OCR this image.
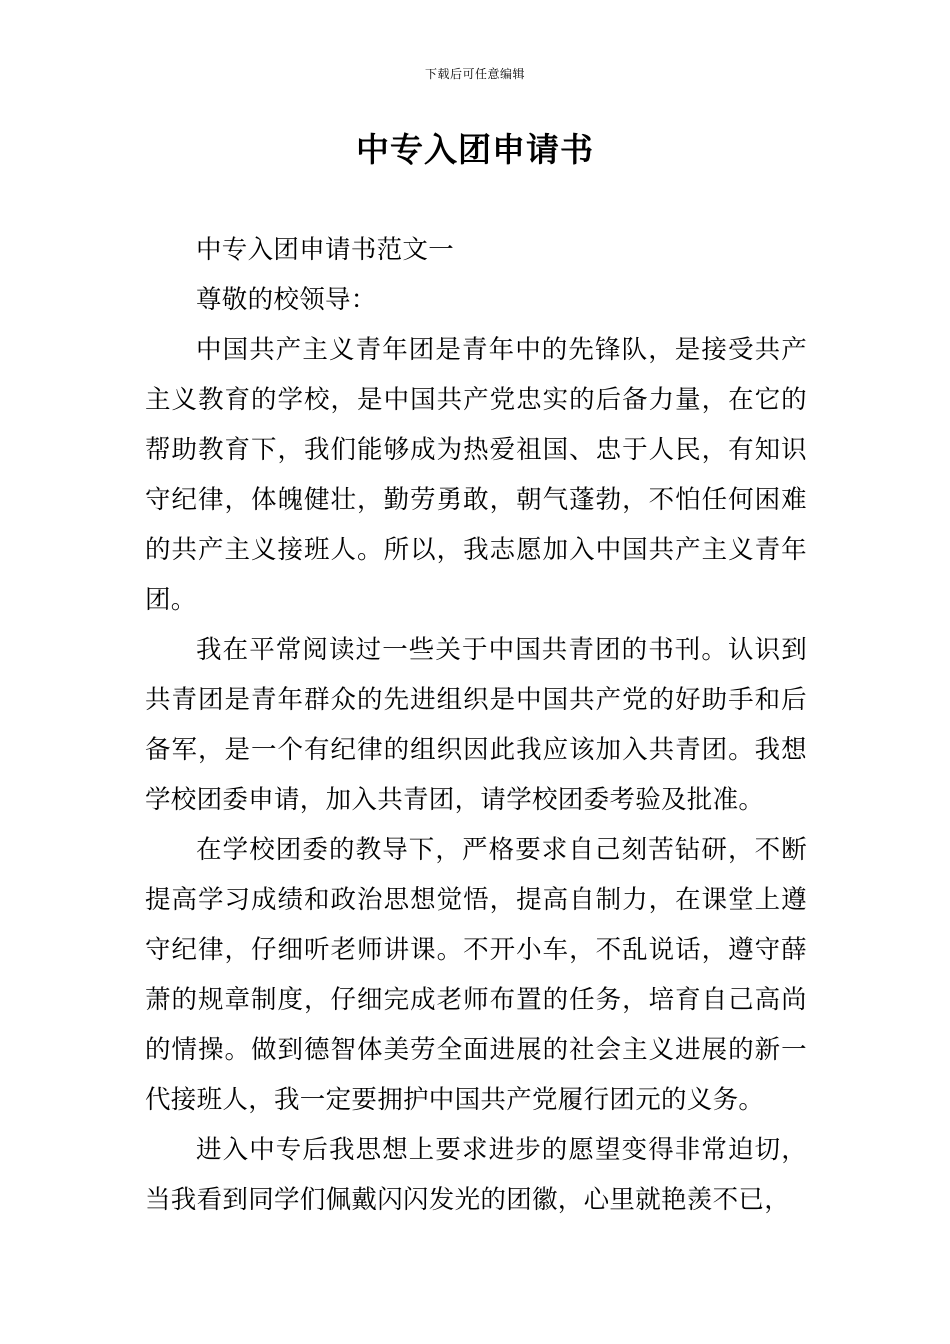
下载后可任意编辑
中专入团申请书

中专入团申请书范文一

尊敬的校领导：

中国共产主义青年团是青年中的先锋队，是接受共产主义教育的学校，是中国共产党忠实的后备力量，在它的帮助教育下，我们能够成为热爱祖国、忠于人民，有知识守纪律，体魄健壮，勤劳勇敢，朝气蓬勃，不怕任何困难的共产主义接班人。所以，我志愿加入中国共产主义青年团。

我在平常阅读过一些关于中国共青团的书刊。认识到共青团是青年群众的先进组织是中国共产党的好助手和后备军，是一个有纪律的组织因此我应该加入共青团。我想学校团委申请，加入共青团，请学校团委考验及批准。

在学校团委的教导下，严格要求自己刻苦钻研，不断提高学习成绩和政治思想觉悟，提高自制力，在课堂上遵守纪律，仔细听老师讲课。不开小车，不乱说话，遵守薛萧的规章制度，仔细完成老师布置的任务，培育自己高尚的情操。做到德智体美劳全面进展的社会主义进展的新一代接班人，我一定要拥护中国共产党履行团元的义务。

进入中专后我思想上要求进步的愿望变得非常迫切，当我看到同学们佩戴闪闪发光的团徽，心里就艳羡不已，
